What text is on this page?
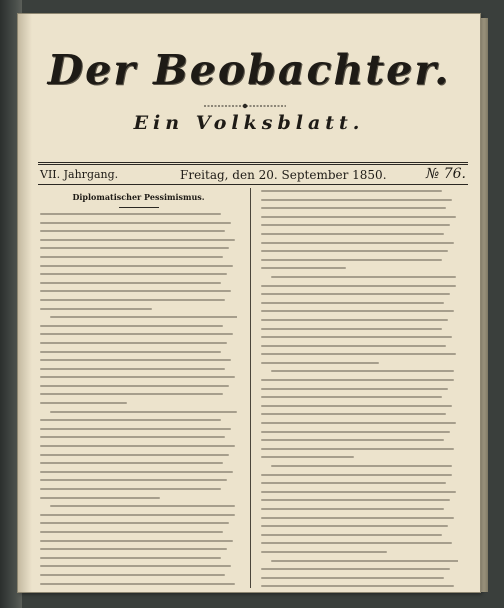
Der Beobachter.
Ein Volksblatt.
VII. Jahrgang.	Freitag, den 20. September 1850.	№ 76.
Diplomatischer Pessimismus.
